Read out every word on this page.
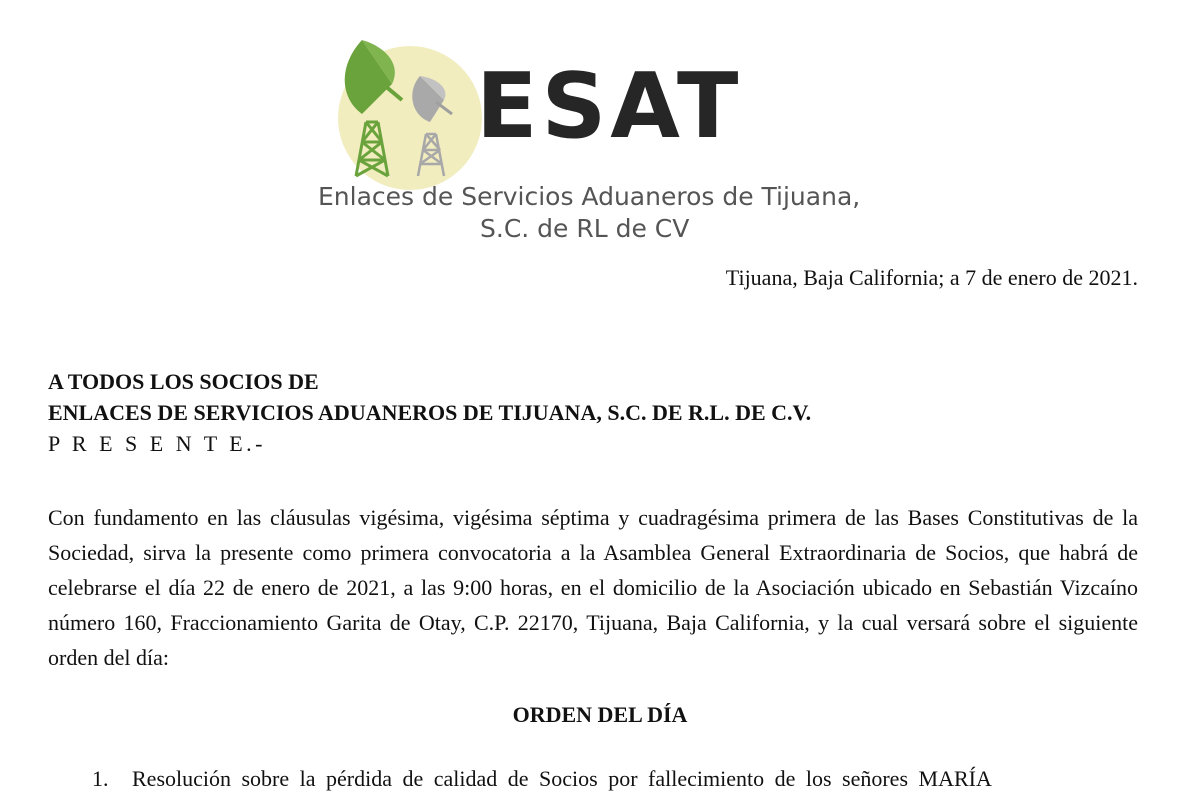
ESAT
Enlaces de Servicios Aduaneros de Tijuana,
S.C. de RL de CV
Tijuana, Baja California; a 7 de enero de 2021.
A TODOS LOS SOCIOS DE
ENLACES DE SERVICIOS ADUANEROS DE TIJUANA, S.C. DE R.L. DE C.V.
P R E S E N T E.-
Con fundamento en las cláusulas vigésima, vigésima séptima y cuadragésima primera de las Bases Constitutivas de la Sociedad, sirva la presente como primera convocatoria a la Asamblea General Extraordinaria de Socios, que habrá de celebrarse el día 22 de enero de 2021, a las 9:00 horas, en el domicilio de la Asociación ubicado en Sebastián Vizcaíno número 160, Fraccionamiento Garita de Otay, C.P. 22170, Tijuana, Baja California, y la cual versará sobre el siguiente orden del día:
ORDEN DEL DÍA
1. Resolución sobre la pérdida de calidad de Socios por fallecimiento de los señores MARÍA
